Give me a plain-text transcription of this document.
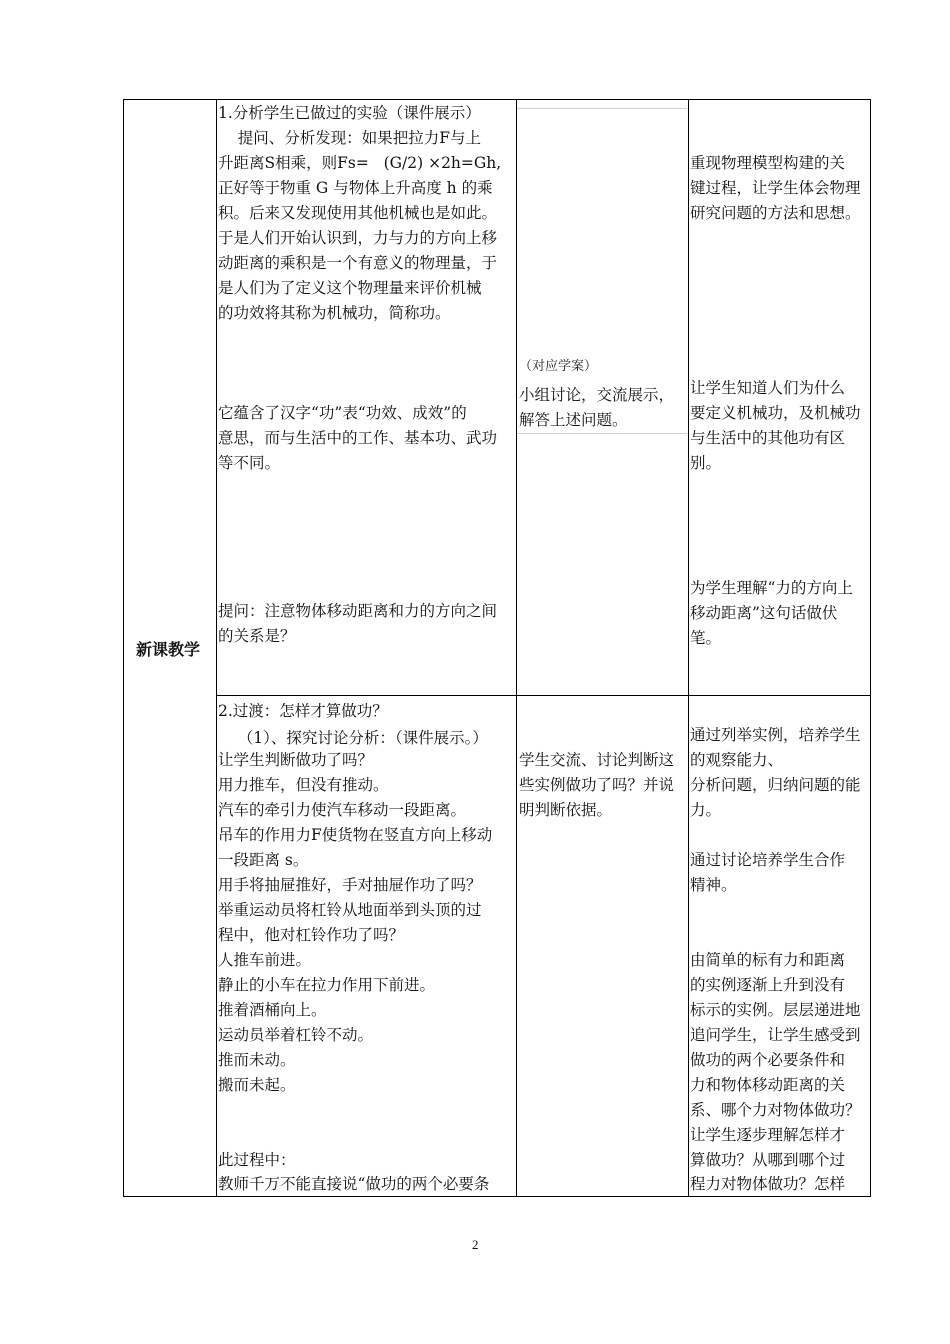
新课教学
1.分析学生已做过的实验（课件展示）
提问、分析发现：如果把拉力F与上
升距离S相乘，则Fs=   (G/2) ×2h=Gh,
正好等于物重 G 与物体上升高度 h 的乘
积。后来又发现使用其他机械也是如此。
于是人们开始认识到，力与力的方向上移
动距离的乘积是一个有意义的物理量，于
是人们为了定义这个物理量来评价机械
的功效将其称为机械功，简称功。
它蕴含了汉字“功”表“功效、成效”的
意思，而与生活中的工作、基本功、武功
等不同。
提问：注意物体移动距离和力的方向之间
的关系是？
（对应学案）
小组讨论，交流展示，
解答上述问题。
重现物理模型构建的关
键过程，让学生体会物理
研究问题的方法和思想。
让学生知道人们为什么
要定义机械功，及机械功
与生活中的其他功有区
别。
为学生理解“力的方向上
移动距离”这句话做伏
笔。
2.过渡：怎样才算做功？
（1）、探究讨论分析：（课件展示。）
让学生判断做功了吗？
用力推车，但没有推动。
汽车的牵引力使汽车移动一段距离。
吊车的作用力F使货物在竖直方向上移动
一段距离 s。
用手将抽屉推好，手对抽屉作功了吗？
举重运动员将杠铃从地面举到头顶的过
程中，他对杠铃作功了吗？
人推车前进。
静止的小车在拉力作用下前进。
推着酒桶向上。
运动员举着杠铃不动。
推而未动。
搬而未起。
此过程中：
教师千万不能直接说“做功的两个必要条
学生交流、讨论判断这
些实例做功了吗？并说
明判断依据。
通过列举实例，培养学生
的观察能力、
分析问题，归纳问题的能
力。
通过讨论培养学生合作
精神。
由简单的标有力和距离
的实例逐渐上升到没有
标示的实例。层层递进地
追问学生，让学生感受到
做功的两个必要条件和
力和物体移动距离的关
系、哪个力对物体做功？
让学生逐步理解怎样才
算做功？从哪到哪个过
程力对物体做功？怎样
2
